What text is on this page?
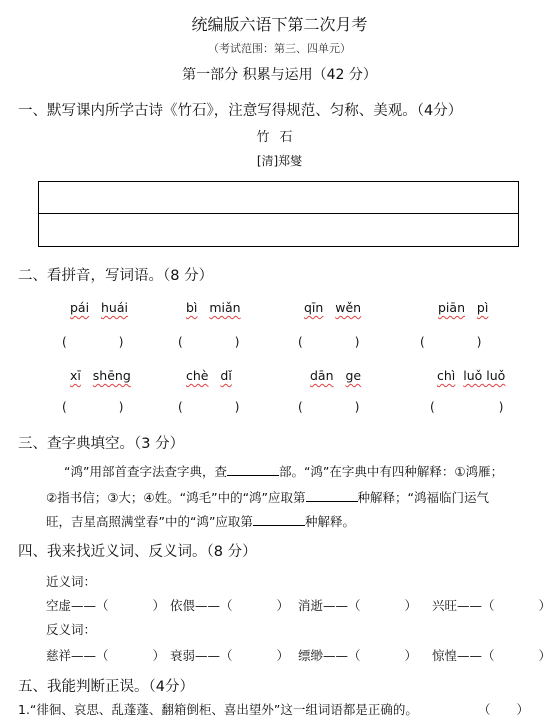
统编版六语下第二次月考
（考试范围：第三、四单元）
第一部分 积累与运用（42 分）
一、默写课内所学古诗《竹石》，注意写得规范、匀称、美观。（4分）
竹石
[清]郑燮
二、看拼音，写词语。（8 分）
pái huái	bì miǎn	qīn wěn	piān pì
(	)	(	)	(	)	(	)
xī shēng	chè dǐ	dān ge	chì luǒ luǒ
(	)	(	)	(	)	(	)
三、查字典填空。（3 分）
“鸿”用部首查字法查字典，查	部。“鸿”在字典中有四种解释：①鸿雁；
②指书信；③大；④姓。“鸿毛”中的“鸿”应取第	种解释；“鸿福临门运气
旺，吉星高照满堂春”中的“鸿”应取第	种解释。
四、我来找近义词、反义词。（8 分）
近义词：
空虚——（	） 依偎——（	） 消逝——（	） 兴旺——（	）
反义词：
慈祥——（	） 衰弱——（	） 缥缈——（	） 惊惶——（	）
五、我能判断正误。（4分）
1.“徘徊、哀思、乱蓬蓬、翻箱倒柜、喜出望外”这一组词语都是正确的。	（ ）
